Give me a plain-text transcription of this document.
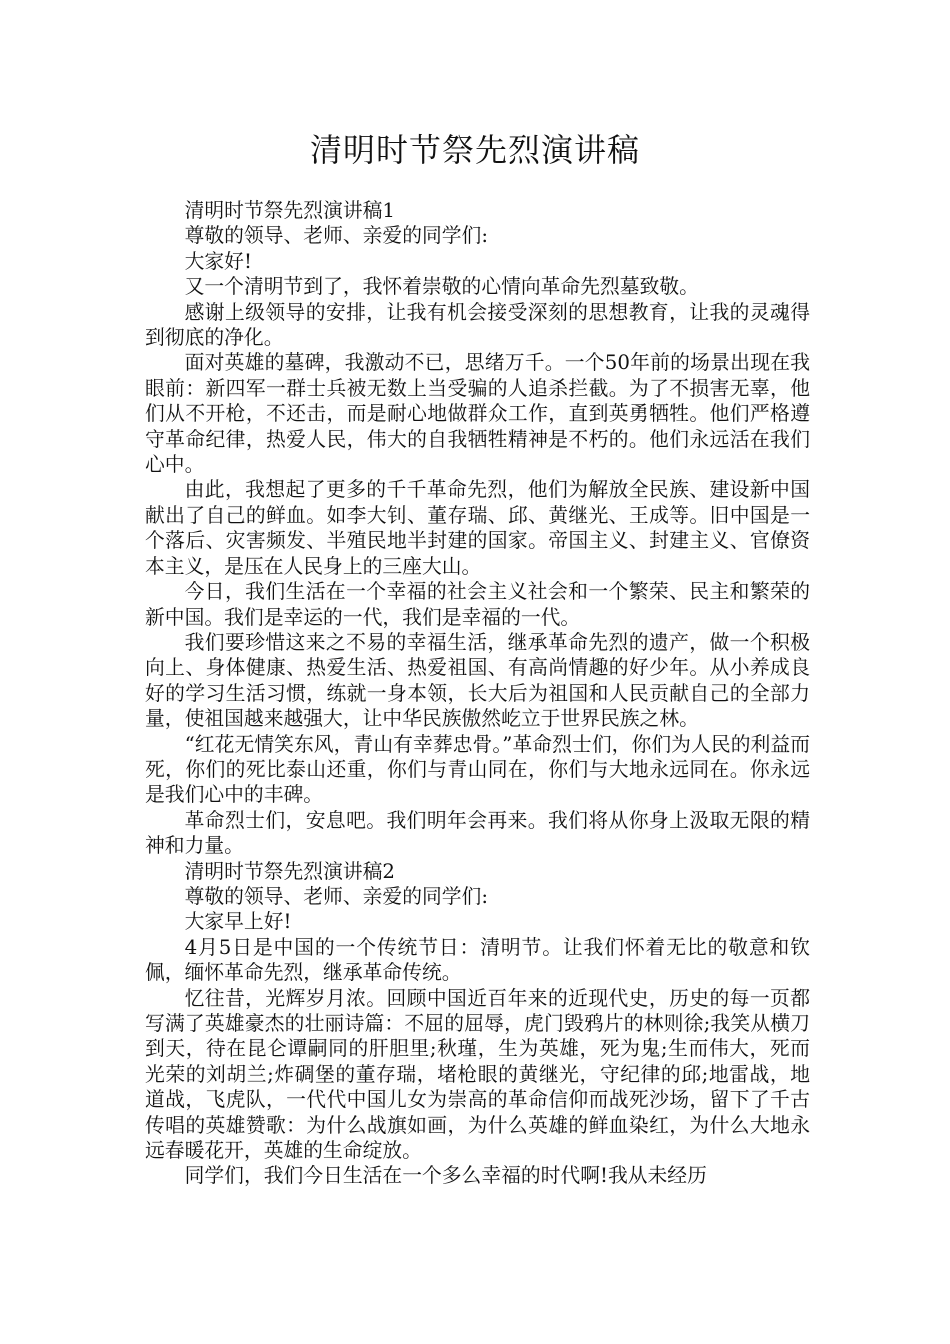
清明时节祭先烈演讲稿

清明时节祭先烈演讲稿1

尊敬的领导、老师、亲爱的同学们:

大家好!

又一个清明节到了，我怀着崇敬的心情向革命先烈墓致敬。

感谢上级领导的安排，让我有机会接受深刻的思想教育，让我的灵魂得到彻底的净化。

面对英雄的墓碑，我激动不已，思绪万千。一个50年前的场景出现在我眼前：新四军一群士兵被无数上当受骗的人追杀拦截。为了不损害无辜，他们从不开枪，不还击，而是耐心地做群众工作，直到英勇牺牲。他们严格遵守革命纪律，热爱人民，伟大的自我牺牲精神是不朽的。他们永远活在我们心中。

由此，我想起了更多的千千革命先烈，他们为解放全民族、建设新中国献出了自己的鲜血。如李大钊、董存瑞、邱、黄继光、王成等。旧中国是一个落后、灾害频发、半殖民地半封建的国家。帝国主义、封建主义、官僚资本主义，是压在人民身上的三座大山。

今日，我们生活在一个幸福的社会主义社会和一个繁荣、民主和繁荣的新中国。我们是幸运的一代，我们是幸福的一代。

我们要珍惜这来之不易的幸福生活，继承革命先烈的遗产，做一个积极向上、身体健康、热爱生活、热爱祖国、有高尚情趣的好少年。从小养成良好的学习生活习惯，练就一身本领，长大后为祖国和人民贡献自己的全部力量，使祖国越来越强大，让中华民族傲然屹立于世界民族之林。

“红花无情笑东风，青山有幸葬忠骨。”革命烈士们，你们为人民的利益而死，你们的死比泰山还重，你们与青山同在，你们与大地永远同在。你永远是我们心中的丰碑。

革命烈士们，安息吧。我们明年会再来。我们将从你身上汲取无限的精神和力量。

清明时节祭先烈演讲稿2

尊敬的领导、老师、亲爱的同学们:

大家早上好!

4月5日是中国的一个传统节日：清明节。让我们怀着无比的敬意和钦佩，缅怀革命先烈，继承革命传统。

忆往昔，光辉岁月浓。回顾中国近百年来的近现代史，历史的每一页都写满了英雄豪杰的壮丽诗篇：不屈的屈辱，虎门毁鸦片的林则徐;我笑从横刀到天，待在昆仑谭嗣同的肝胆里;秋瑾，生为英雄，死为鬼;生而伟大，死而光荣的刘胡兰;炸碉堡的董存瑞，堵枪眼的黄继光，守纪律的邱;地雷战，地道战，飞虎队，一代代中国儿女为崇高的革命信仰而战死沙场，留下了千古传唱的英雄赞歌：为什么战旗如画，为什么英雄的鲜血染红，为什么大地永远春暖花开，英雄的生命绽放。

同学们，我们今日生活在一个多么幸福的时代啊!我从未经历
